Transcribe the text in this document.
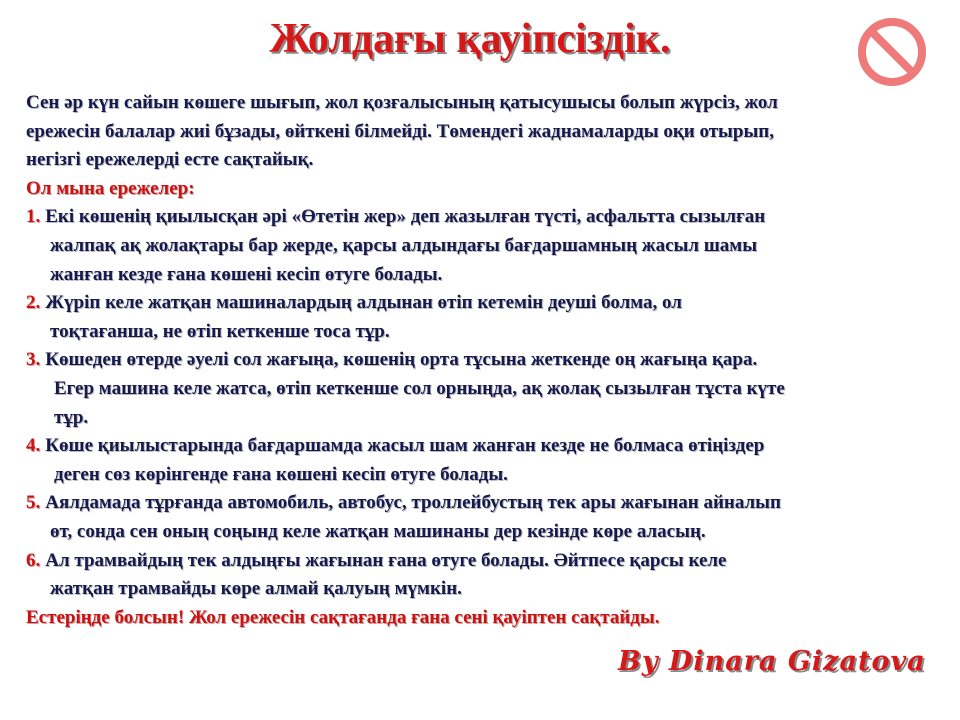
Жолдағы қауіпсіздік.

Сен әр күн сайын көшеге шығып, жол қозғалысының қатысушысы болып жүрсіз, жол

ережесін балалар жиі бұзады, өйткені білмейді. Төмендегі жаднамаларды оқи отырып,

негізгі ережелерді есте сақтайық.

Ол мына ережелер:

1. Екі көшенің қиылысқан әрі «Өтетін жер» деп жазылған түсті, асфальтта сызылған

жалпақ ақ жолақтары бар жерде, қарсы алдындағы бағдаршамның жасыл шамы

жанған кезде ғана көшені кесіп өтуге болады.

2. Жүріп келе жатқан машиналардың алдынан өтіп кетемін деуші болма, ол

тоқтағанша, не өтіп кеткенше тоса тұр.

3. Көшеден өтерде әуелі сол жағыңа, көшенің орта тұсына жеткенде оң жағыңа қара.

Егер машина келе жатса, өтіп кеткенше сол орныңда, ақ жолақ сызылған тұста күте

тұр.

4. Көше қиылыстарында бағдаршамда жасыл шам жанған кезде не болмаса өтіңіздер

деген сөз көрінгенде ғана көшені кесіп өтуге болады.

5. Аялдамада тұрғанда автомобиль, автобус, троллейбустың тек ары жағынан айналып

өт, сонда сен оның соңынд келе жатқан машинаны дер кезінде көре аласың.

6. Ал трамвайдың тек алдыңғы жағынан ғана өтуге болады. Әйтпесе қарсы келе

жатқан трамвайды көре алмай қалуың мүмкін.

Естеріңде болсын! Жол ережесін сақтағанда ғана сені қауіптен сақтайды.

By Dinara Gizatova
